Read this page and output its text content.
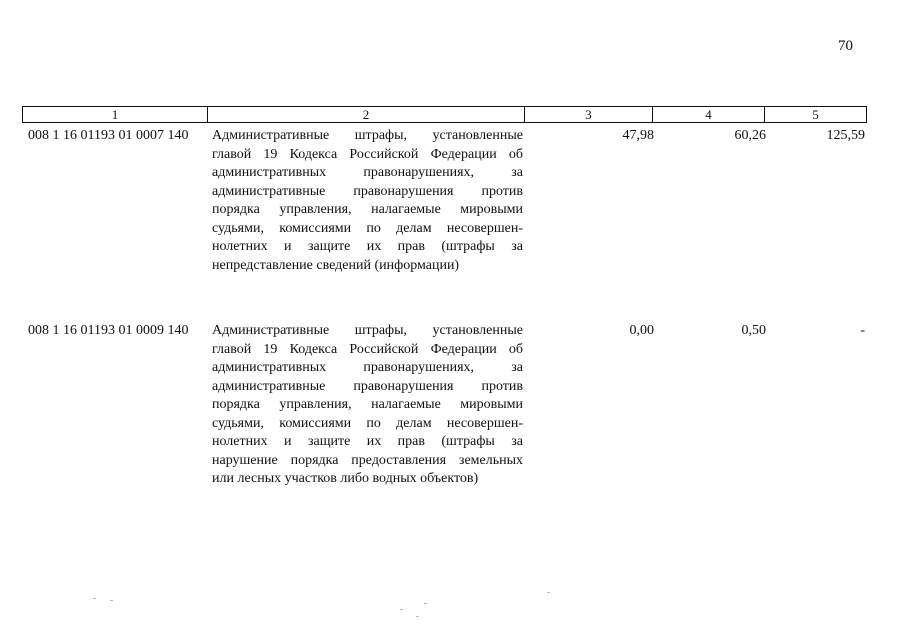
70
1	2	3	4	5
008 1 16 01193 01 0007 140 Административные штрафы, установленные
главой 19 Кодекса Российской Федерации об
административных правонарушениях, за
административные правонарушения против
порядка управления, налагаемые мировыми
судьями, комиссиями по делам несовершен-
нолетних и защите их прав (штрафы за
непредставление сведений (информации)
47,98	60,26	125,59
008 1 16 01193 01 0009 140 Административные штрафы, установленные
главой 19 Кодекса Российской Федерации об
административных правонарушениях, за
административные правонарушения против
порядка управления, налагаемые мировыми
судьями, комиссиями по делам несовершен-
нолетних и защите их прав (штрафы за
нарушение порядка предоставления земельных
или лесных участков либо водных объектов)
0,00	0,50	-
